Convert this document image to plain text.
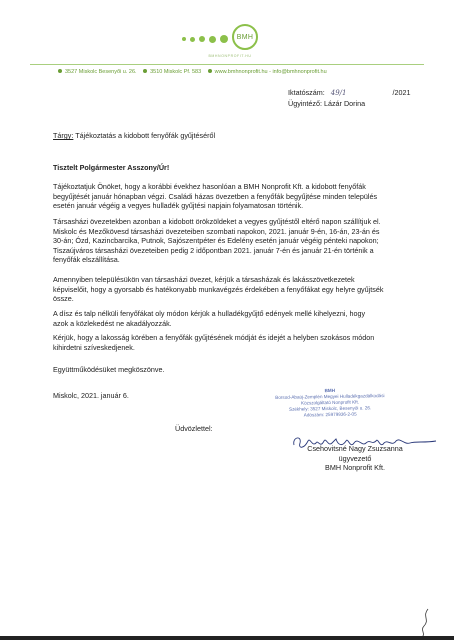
BMH
BMHNONPROFIT.HU
3527 Miskolc Besenyői u. 26. 3510 Miskolc Pf. 583 www.bmhnonprofit.hu - info@bmhnonprofit.hu
Iktatószám: 49/1	/2021
Ügyintéző: Lázár Dorina
Tárgy: Tájékoztatás a kidobott fenyőfák gyűjtéséről
Tisztelt Polgármester Asszony/Úr!
Tájékoztatjuk Önöket, hogy a korábbi évekhez hasonlóan a BMH Nonprofit Kft. a kidobott fenyőfák
begyűjtését január hónapban végzi. Családi házas övezetben a fenyőfák begyűjtése minden település
esetén január végéig a vegyes hulladék gyűjtési napjain folyamatosan történik.
Társasházi övezetekben azonban a kidobott örökzöldeket a vegyes gyűjtéstől eltérő napon szállítjuk el.
Miskolc és Mezőkövesd társasházi övezeteiben szombati napokon, 2021. január 9-én, 16-án, 23-án és
30-án; Ózd, Kazincbarcika, Putnok, Sajószentpéter és Edelény esetén január végéig pénteki napokon;
Tiszaújváros társasházi övezeteiben pedig 2 időpontban 2021. január 7-én és január 21-én történik a
fenyőfák elszállítása.
Amennyiben településükön van társasházi övezet, kérjük a társasházak és lakásszövetkezetek
képviselőit, hogy a gyorsabb és hatékonyabb munkavégzés érdekében a fenyőfákat egy helyre gyűjtsék
össze.
A dísz és talp nélküli fenyőfákat oly módon kérjük a hulladékgyűjtő edények mellé kihelyezni, hogy
azok a közlekedést ne akadályozzák.
Kérjük, hogy a lakosság körében a fenyőfák gyűjtésének módját és idejét a helyben szokásos módon
kihirdetni szíveskedjenek.
Együttműködésüket megköszönve.
Miskolc, 2021. január 6.
Üdvözlettel:
BMH
Borsod-Abaúj-Zemplén Megyei Hulladékgazdálkodási
Közszolgáltató Nonprofit Kft.
Székhely: 3527 Miskolc, Besenyői u. 26.
Adószám: 25979936-2-05
Csehovitsné Nagy Zsuzsanna
ügyvezető
BMH Nonprofit Kft.
